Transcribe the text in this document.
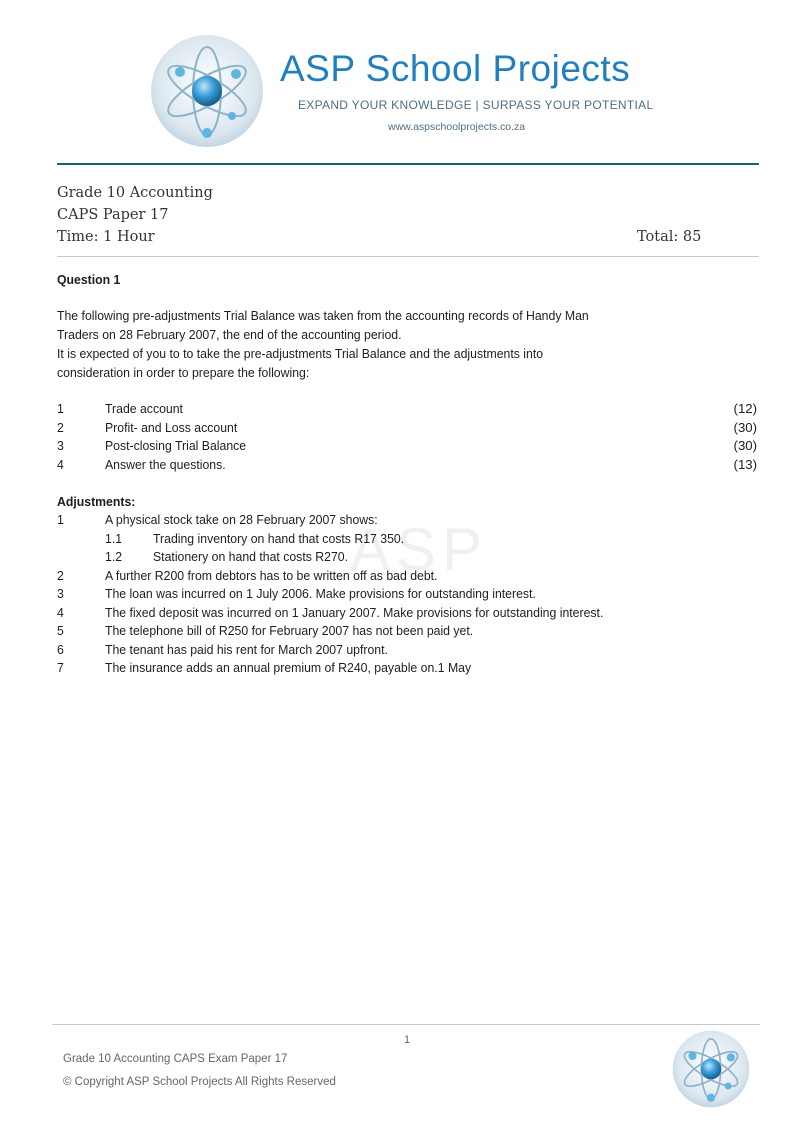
ASP School Projects
EXPAND YOUR KNOWLEDGE | SURPASS YOUR POTENTIAL
www.aspschoolprojects.co.za
Grade 10 Accounting
CAPS Paper 17
Time: 1 Hour	Total: 85
ASP
Question 1
The following pre-adjustments Trial Balance was taken from the accounting records of Handy Man
Traders on 28 February 2007, the end of the accounting period.
It is expected of you to to take the pre-adjustments Trial Balance and the adjustments into
consideration in order to prepare the following:
1	Trade account	(12)
2	Profit- and Loss account	(30)
3	Post-closing Trial Balance	(30)
4	Answer the questions.	(13)
Adjustments:
1	A physical stock take on 28 February 2007 shows:
1.1 Trading inventory on hand that costs R17 350.
1.2 Stationery on hand that costs R270.
2	A further R200 from debtors has to be written off as bad debt.
3	The loan was incurred on 1 July 2006. Make provisions for outstanding interest.
4	The fixed deposit was incurred on 1 January 2007. Make provisions for outstanding interest.
5	The telephone bill of R250 for February 2007 has not been paid yet.
6	The tenant has paid his rent for March 2007 upfront.
7	The insurance adds an annual premium of R240, payable on.1 May
1
Grade 10 Accounting CAPS Exam Paper 17
© Copyright ASP School Projects All Rights Reserved
